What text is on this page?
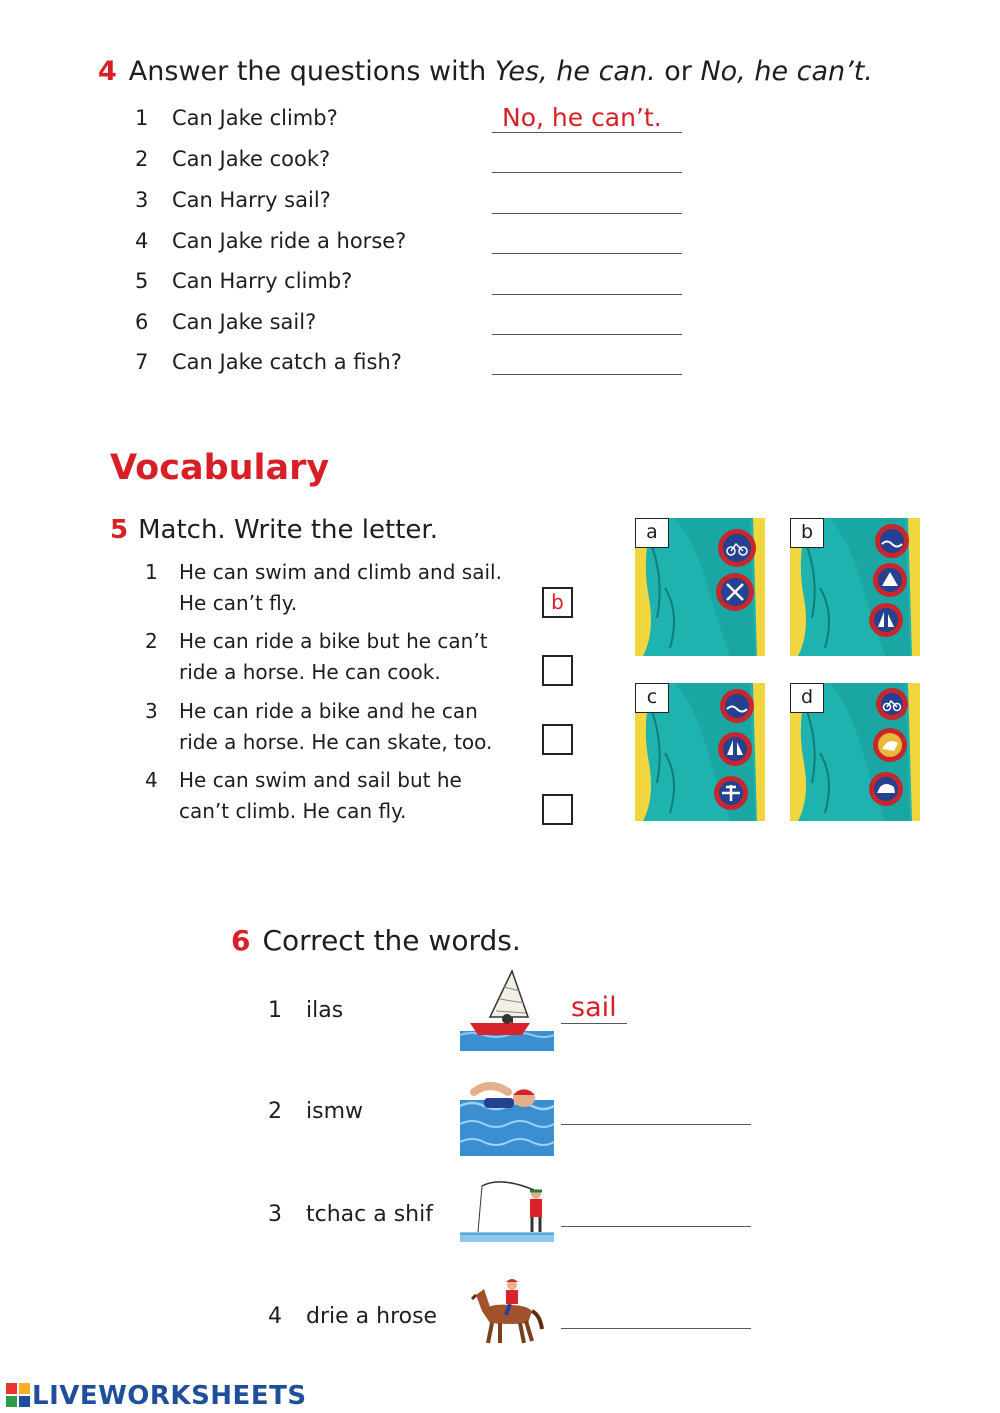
4 Answer the questions with Yes, he can. or No, he can’t.
1 Can Jake climb?	No, he can’t.
2 Can Jake cook?
3 Can Harry sail?
4 Can Jake ride a horse?
5 Can Harry climb?
6 Can Jake sail?
7 Can Jake catch a fish?
Vocabulary
5 Match. Write the letter.
1	He can swim and climb and sail.
He can’t fly.	b
2	He can ride a bike but he can’t
ride a horse. He can cook.
3	He can ride a bike and he can
ride a horse. He can skate, too.
4	He can swim and sail but he
can’t climb. He can fly.
a	b
c	d
6 Correct the words.
1 ilas	sail
2 ismw
3 tchac a shif
4 drie a hrose
LIVEWORKSHEETS
